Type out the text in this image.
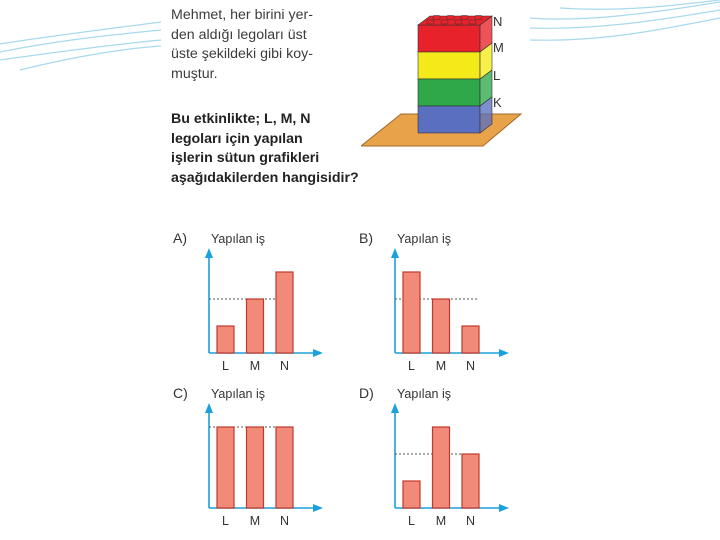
Mehmet, her birini yer-
den aldığı legoları üst
üste şekildeki gibi koy-
muştur.

Bu etkinlikte; L, M, N
legoları için yapılan
işlerin sütun grafikleri
aşağıdakilerden hangisidir?

N
M
L
K
L M N
A) Yapılan iş
L M N
B) Yapılan iş
L M N
C) Yapılan iş
L M N
D) Yapılan iş
